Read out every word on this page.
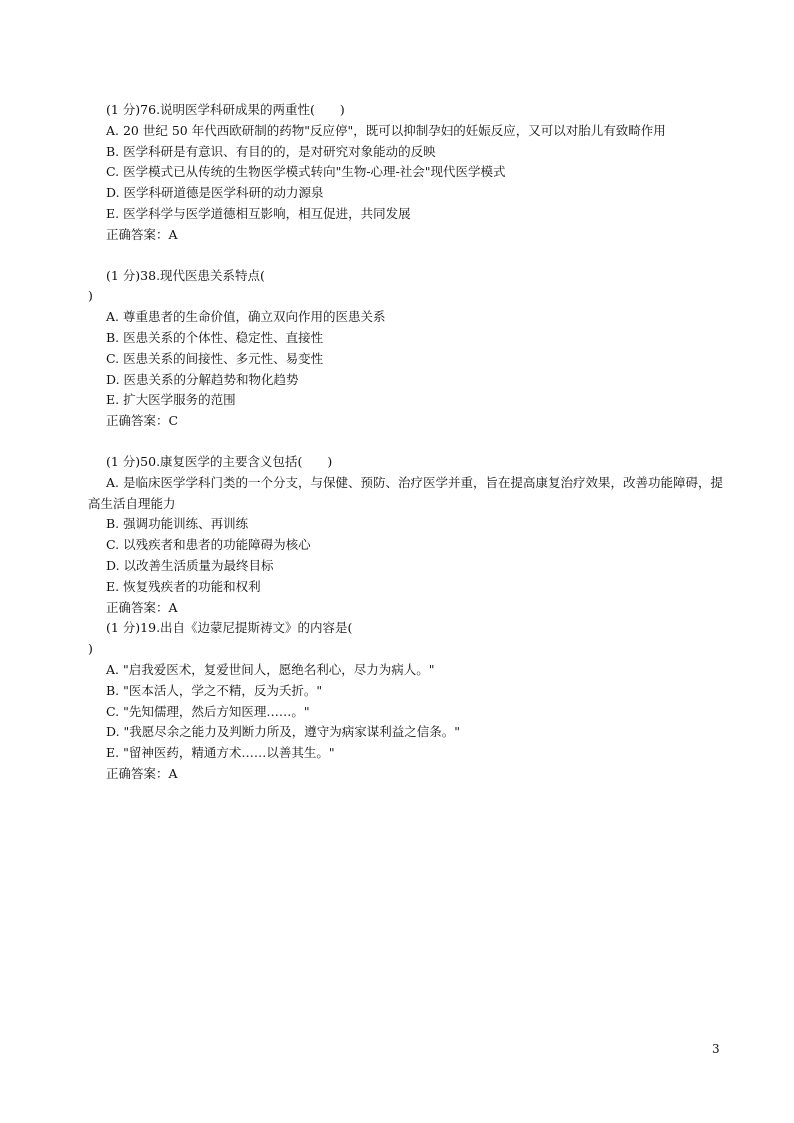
(1 分)76.说明医学科研成果的两重性(　　)
A. 20 世纪 50 年代西欧研制的药物"反应停"，既可以抑制孕妇的妊娠反应，又可以对胎儿有致畸作用
B. 医学科研是有意识、有目的的，是对研究对象能动的反映
C. 医学模式已从传统的生物医学模式转向"生物-心理-社会"现代医学模式
D. 医学科研道德是医学科研的动力源泉
E. 医学科学与医学道德相互影响，相互促进，共同发展
正确答案：A
(1 分)38.现代医患关系特点(
)
A. 尊重患者的生命价值，确立双向作用的医患关系
B. 医患关系的个体性、稳定性、直接性
C. 医患关系的间接性、多元性、易变性
D. 医患关系的分解趋势和物化趋势
E. 扩大医学服务的范围
正确答案：C
(1 分)50.康复医学的主要含义包括(　　)
A. 是临床医学学科门类的一个分支，与保健、预防、治疗医学并重，旨在提高康复治疗效果，改善功能障碍，提高生活自理能力
B. 强调功能训练、再训练
C. 以残疾者和患者的功能障碍为核心
D. 以改善生活质量为最终目标
E. 恢复残疾者的功能和权利
正确答案：A
(1 分)19.出自《边蒙尼提斯祷文》的内容是(
)
A. "启我爱医术，复爱世间人，愿绝名利心，尽力为病人。"
B. "医本活人，学之不精，反为夭折。"
C. "先知儒理，然后方知医理……。"
D. "我愿尽余之能力及判断力所及，遵守为病家谋利益之信条。"
E. "留神医药，精通方术……以善其生。"
正确答案：A
3
